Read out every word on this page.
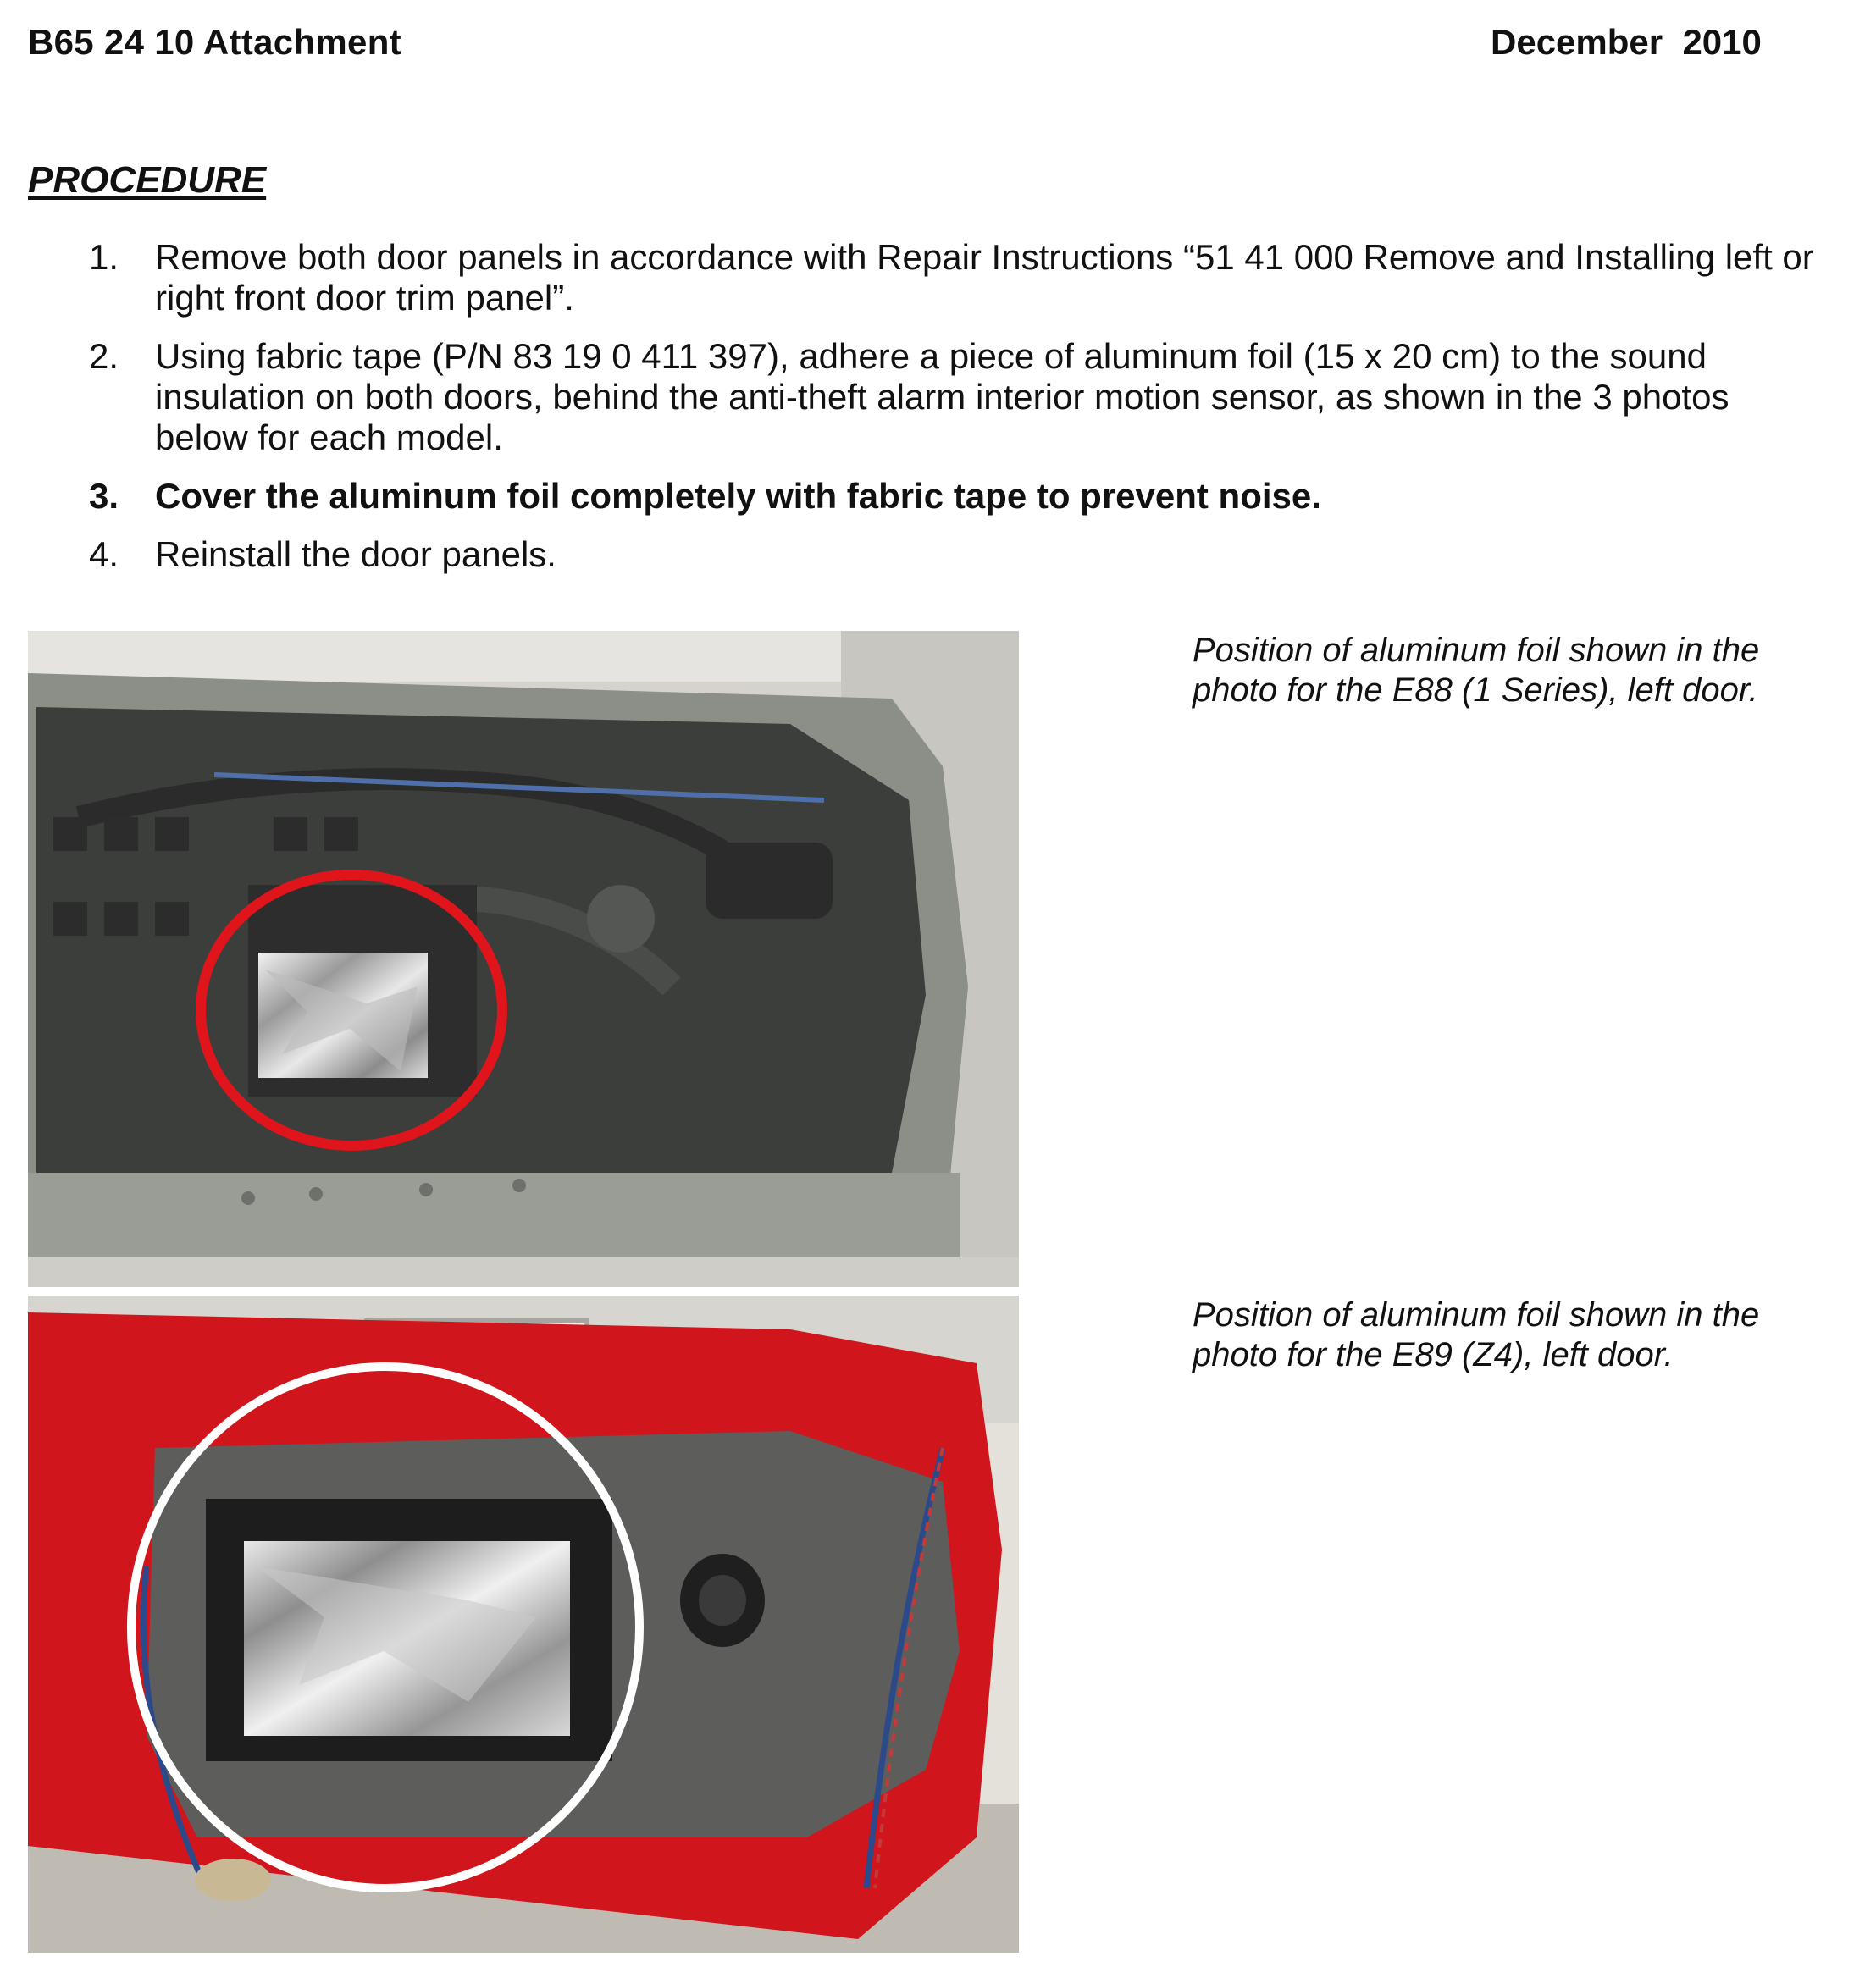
B65 24 10 Attachment	December  2010
PROCEDURE
1.	Remove both door panels in accordance with Repair Instructions “51 41 000 Remove and Installing left or right front door trim panel”.
2.	Using fabric tape (P/N 83 19 0 411 397), adhere a piece of aluminum foil (15 x 20 cm) to the sound insulation on both doors, behind the anti-theft alarm interior motion sensor, as shown in the 3 photos below for each model.
3.	Cover the aluminum foil completely with fabric tape to prevent noise.
4.	Reinstall the door panels.
Position of aluminum foil shown in the photo for the E88 (1 Series), left door.
Position of aluminum foil shown in the photo for the E89 (Z4), left door.
